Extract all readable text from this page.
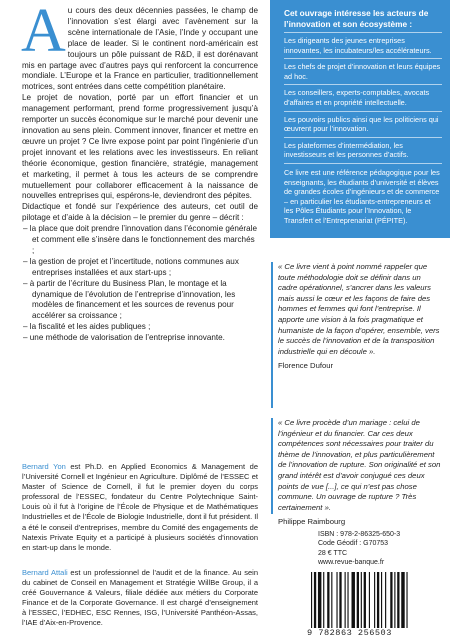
Au cours des deux décennies passées, le champ de l’innovation s’est élargi avec l’avènement sur la scène internationale de l’Asie, l’Inde y occupant une place de leader. Si le continent nord-américain est toujours un pôle puissant de R&D, il est dorénavant mis en partage avec d’autres pays qui renforcent la concurrence mondiale. L’Europe et la France en particulier, traditionnellement motrices, sont entrées dans cette compétition planétaire.

Le projet de novation, porté par un effort financier et un management performant, prend forme progressivement jusqu’à remporter un succès économique sur le marché pour devenir une innovation au sens plein. Comment innover, financer et mettre en œuvre un projet ? Ce livre expose point par point l’ingénierie d’un projet innovant et les relations avec les investisseurs. En reliant théorie économique, gestion financière, stratégie, management et marketing, il permet à tous les acteurs de se comprendre mutuellement pour collaborer efficacement à la naissance de nouvelles entreprises qui, espérons-le, deviendront des pépites.

Didactique et fondé sur l’expérience des auteurs, cet outil de pilotage et d’aide à la décision – le premier du genre – décrit :

– la place que doit prendre l’innovation dans l’économie générale et comment elle s’insère dans le fonctionnement des marchés ;
– la gestion de projet et l’incertitude, notions communes aux entreprises installées et aux start-ups ;
– à partir de l’écriture du Business Plan, le montage et la dynamique de l’évolution de l’entreprise d’innovation, les modèles de financement et les sources de revenus pour accélérer sa croissance ;
– la fiscalité et les aides publiques ;
– une méthode de valorisation de l’entreprise innovante.

Bernard Yon est Ph.D. en Applied Economics & Management de l’Université Cornell et Ingénieur en Agriculture. Diplômé de l’ESSEC et Master of Science de Cornell, il fut le premier doyen du corps professoral de l’ESSEC, fondateur du Centre Polytechnique Saint-Louis où il fut à l’origine de l’École de Physique et de Mathématiques Industrielles et de l’École de Biologie Industrielle, dont il fut président. Il a été le conseil d’entreprises, membre du Comité des engagements de Natexis Private Equity et a participé à plusieurs sociétés d’innovation en start-up dans le monde.

Bernard Attali est un professionnel de l’audit et de la finance. Au sein du cabinet de Conseil en Management et Stratégie WillBe Group, il a créé Gouvernance & Valeurs, filiale dédiée aux métiers du Corporate Finance et de la Corporate Governance. Il est chargé d’enseignement à l’ESSEC, l’EDHEC, ESC Rennes, ISG, l’Université Panthéon-Assas, l’IAE d’Aix-en-Provence.

Cet ouvrage intéresse les acteurs de l’innovation et son écosystème :
Les dirigeants des jeunes entreprises innovantes, les incubateurs/les accélérateurs.
Les chefs de projet d’innovation et leurs équipes ad hoc.
Les conseillers, experts-comptables, avocats d’affaires et en propriété intellectuelle.
Les pouvoirs publics ainsi que les politiciens qui œuvrent pour l’innovation.
Les plateformes d’intermédiation, les investisseurs et les personnes d’actifs.
Ce livre est une référence pédagogique pour les enseignants, les étudiants d’université et élèves de grandes écoles d’ingénieurs et de commerce – en particulier les étudiants-entrepreneurs et les Pôles Étudiants pour l’Innovation, le Transfert et l’Entreprenariat (PÉPITE).
« Ce livre vient à point nommé rappeler que toute méthodologie doit se définir dans un cadre opérationnel, s’ancrer dans les valeurs mais aussi le cœur et les façons de faire des hommes et femmes qui font l’entreprise. Il apporte une vision à la fois pragmatique et humaniste de la façon d’opérer, ensemble, vers le succès de l’innovation et de la transposition industrielle qui en découle ».
Florence Dufour
« Ce livre procède d’un mariage : celui de l’ingénieur et du financier. Car ces deux compétences sont nécessaires pour traiter du thème de l’innovation, et plus particulièrement de l’innovation de rupture. Son originalité et son grand intérêt est d’avoir conjugué ces deux points de vue [...], ce qui n’est pas chose commune. Un ouvrage de rupture ? Très certainement ».
Philippe Raimbourg
ISBN : 978-2-86325-650-3
Code Géodif : G70753
28 € TTC
www.revue-banque.fr
9 782863 256503
